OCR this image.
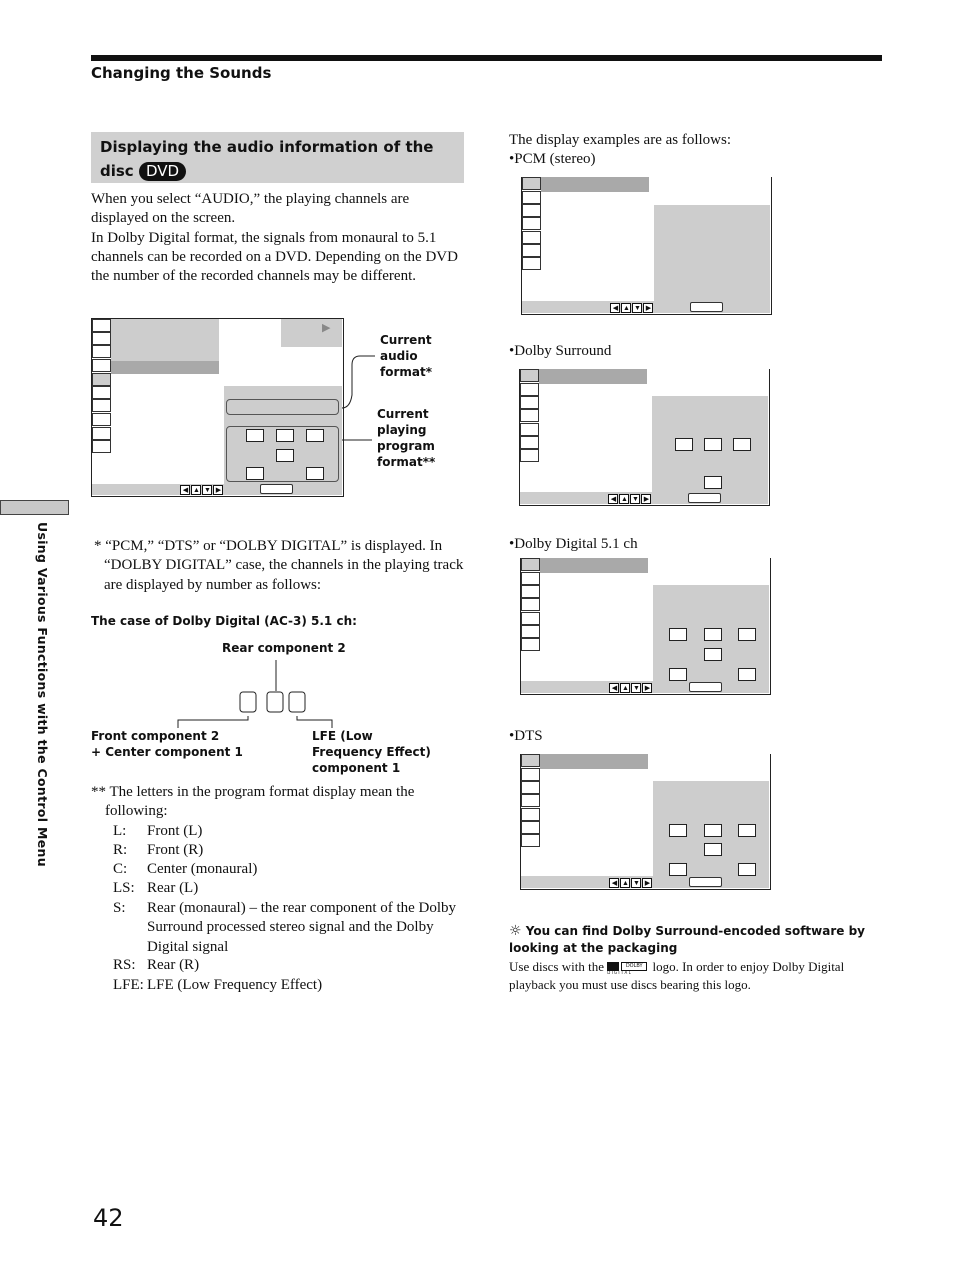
Changing the Sounds
Displaying the audio information of the disc DVD
When you select “AUDIO,” the playing channels are displayed on the screen.
In Dolby Digital format, the signals from monaural to 5.1 channels can be recorded on a DVD. Depending on the DVD the number of the recorded channels may be different.
▶
◀ ▲ ▼ ▶
Current
audio
format*
Current
playing
program
format**
Using Various Functions with the Control Menu	* “PCM,” “DTS” or “DOLBY DIGITAL” is displayed. In “DOLBY DIGITAL” case, the channels in the playing track are displayed by number as follows:
The case of Dolby Digital (AC-3) 5.1 ch:
Rear component 2
Front component 2
+ Center component 1
LFE (Low
Frequency Effect)
component 1
** The letters in the program format display mean the following:
L: Front (L)
R: Front (R)
C: Center (monaural)
LS: Rear (L)
S:	Rear (monaural) – the rear component of the Dolby Surround processed stereo signal and the Dolby Digital signal
RS: Rear (R)
LFE: LFE (Low Frequency Effect)
The display examples are as follows:
•PCM (stereo)
◀ ▲ ▼ ▶
•Dolby Surround
◀ ▲ ▼ ▶
•Dolby Digital 5.1 ch
◀ ▲ ▼ ▶
•DTS
◀ ▲ ▼ ▶
☼ You can find Dolby Surround-encoded software by looking at the packaging
Use discs with the	DOLBY
D I G I T A L	logo. In order to enjoy Dolby Digital playback you must use discs bearing this logo.
42
